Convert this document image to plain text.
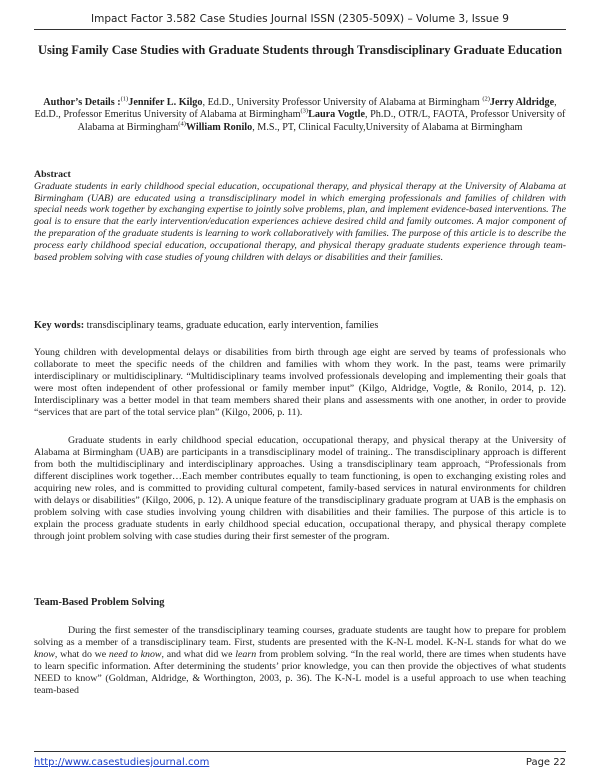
Impact Factor 3.582 Case Studies Journal ISSN (2305-509X) – Volume 3, Issue 9
Using Family Case Studies with Graduate Students through Transdisciplinary Graduate Education
Author’s Details :$^{(1)}$Jennifer L. Kilgo, Ed.D., University Professor University of Alabama at Birmingham $^{(2)}$Jerry Aldridge, Ed.D., Professor Emeritus University of Alabama at Birmingham$^{(3)}$Laura Vogtle, Ph.D., OTR/L, FAOTA, Professor University of Alabama at Birmingham$^{(4)}$William Ronilo, M.S., PT, Clinical Faculty,University of Alabama at Birmingham
Abstract
Graduate students in early childhood special education, occupational therapy, and physical therapy at the University of Alabama at Birmingham (UAB) are educated using a transdisciplinary model in which emerging professionals and families of children with special needs work together by exchanging expertise to jointly solve problems, plan, and implement evidence-based interventions. The goal is to ensure that the early intervention/education experiences achieve desired child and family outcomes. A major component of the preparation of the graduate students is learning to work collaboratively with families. The purpose of this article is to describe the process early childhood special education, occupational therapy, and physical therapy graduate students experience through team-based problem solving with case studies of young children with delays or disabilities and their families.
Key words: transdisciplinary teams, graduate education, early intervention, families
Young children with developmental delays or disabilities from birth through age eight are served by teams of professionals who collaborate to meet the specific needs of the children and families with whom they work. In the past, teams were primarily interdisciplinary or multidisciplinary. “Multidisciplinary teams involved professionals developing and implementing their goals that were most often independent of other professional or family member input” (Kilgo, Aldridge, Vogtle, & Ronilo, 2014, p. 12). Interdisciplinary was a better model in that team members shared their plans and assessments with one another, in order to provide “services that are part of the total service plan” (Kilgo, 2006, p. 11).
Graduate students in early childhood special education, occupational therapy, and physical therapy at the University of Alabama at Birmingham (UAB) are participants in a transdisciplinary model of training.. The transdisciplinary approach is different from both the multidisciplinary and interdisciplinary approaches. Using a transdisciplinary team approach, “Professionals from different disciplines work together…Each member contributes equally to team functioning, is open to exchanging existing roles and acquiring new roles, and is committed to providing cultural competent, family-based services in natural environments for children with delays or disabilities” (Kilgo, 2006, p. 12). A unique feature of the transdisciplinary graduate program at UAB is the emphasis on problem solving with case studies involving young children with disabilities and their families. The purpose of this article is to explain the process graduate students in early childhood special education, occupational therapy, and physical therapy complete through joint problem solving with case studies during their first semester of the program.
Team-Based Problem Solving
During the first semester of the transdisciplinary teaming courses, graduate students are taught how to prepare for problem solving as a member of a transdisciplinary team. First, students are presented with the K-N-L model. K-N-L stands for what do we know, what do we need to know, and what did we learn from problem solving. “In the real world, there are times when students have to learn specific information. After determining the students’ prior knowledge, you can then provide the objectives of what students NEED to know” (Goldman, Aldridge, & Worthington, 2003, p. 36). The K-N-L model is a useful approach to use when teaching team-based
http://www.casestudiesjournal.com	Page 22
